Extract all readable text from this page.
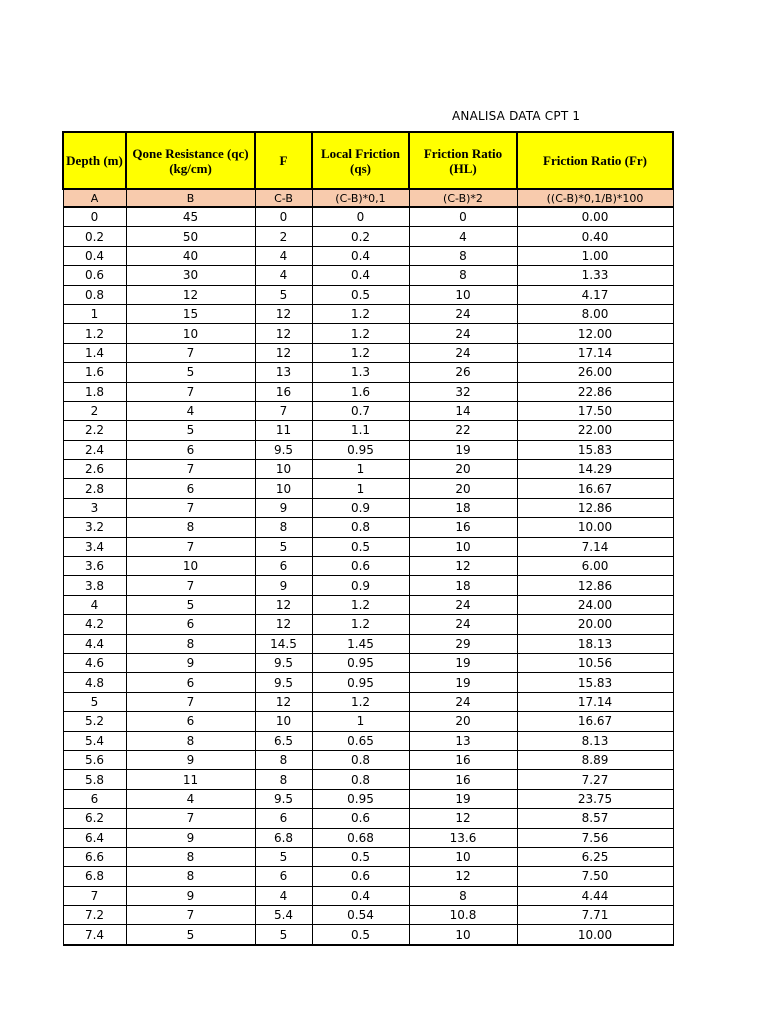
ANALISA DATA CPT 1
Depth (m)	Qone Resistance (qc) (kg/cm)	F	Local Friction (qs)	Friction Ratio (HL)	Friction Ratio (Fr)
A	B	C-B	(C-B)*0,1	(C-B)*2	((C-B)*0,1/B)*100
0	45	0	0	0	0.00
0.2	50	2	0.2	4	0.40
0.4	40	4	0.4	8	1.00
0.6	30	4	0.4	8	1.33
0.8	12	5	0.5	10	4.17
1	15	12	1.2	24	8.00
1.2	10	12	1.2	24	12.00
1.4	7	12	1.2	24	17.14
1.6	5	13	1.3	26	26.00
1.8	7	16	1.6	32	22.86
2	4	7	0.7	14	17.50
2.2	5	11	1.1	22	22.00
2.4	6	9.5	0.95	19	15.83
2.6	7	10	1	20	14.29
2.8	6	10	1	20	16.67
3	7	9	0.9	18	12.86
3.2	8	8	0.8	16	10.00
3.4	7	5	0.5	10	7.14
3.6	10	6	0.6	12	6.00
3.8	7	9	0.9	18	12.86
4	5	12	1.2	24	24.00
4.2	6	12	1.2	24	20.00
4.4	8	14.5	1.45	29	18.13
4.6	9	9.5	0.95	19	10.56
4.8	6	9.5	0.95	19	15.83
5	7	12	1.2	24	17.14
5.2	6	10	1	20	16.67
5.4	8	6.5	0.65	13	8.13
5.6	9	8	0.8	16	8.89
5.8	11	8	0.8	16	7.27
6	4	9.5	0.95	19	23.75
6.2	7	6	0.6	12	8.57
6.4	9	6.8	0.68	13.6	7.56
6.6	8	5	0.5	10	6.25
6.8	8	6	0.6	12	7.50
7	9	4	0.4	8	4.44
7.2	7	5.4	0.54	10.8	7.71
7.4	5	5	0.5	10	10.00
